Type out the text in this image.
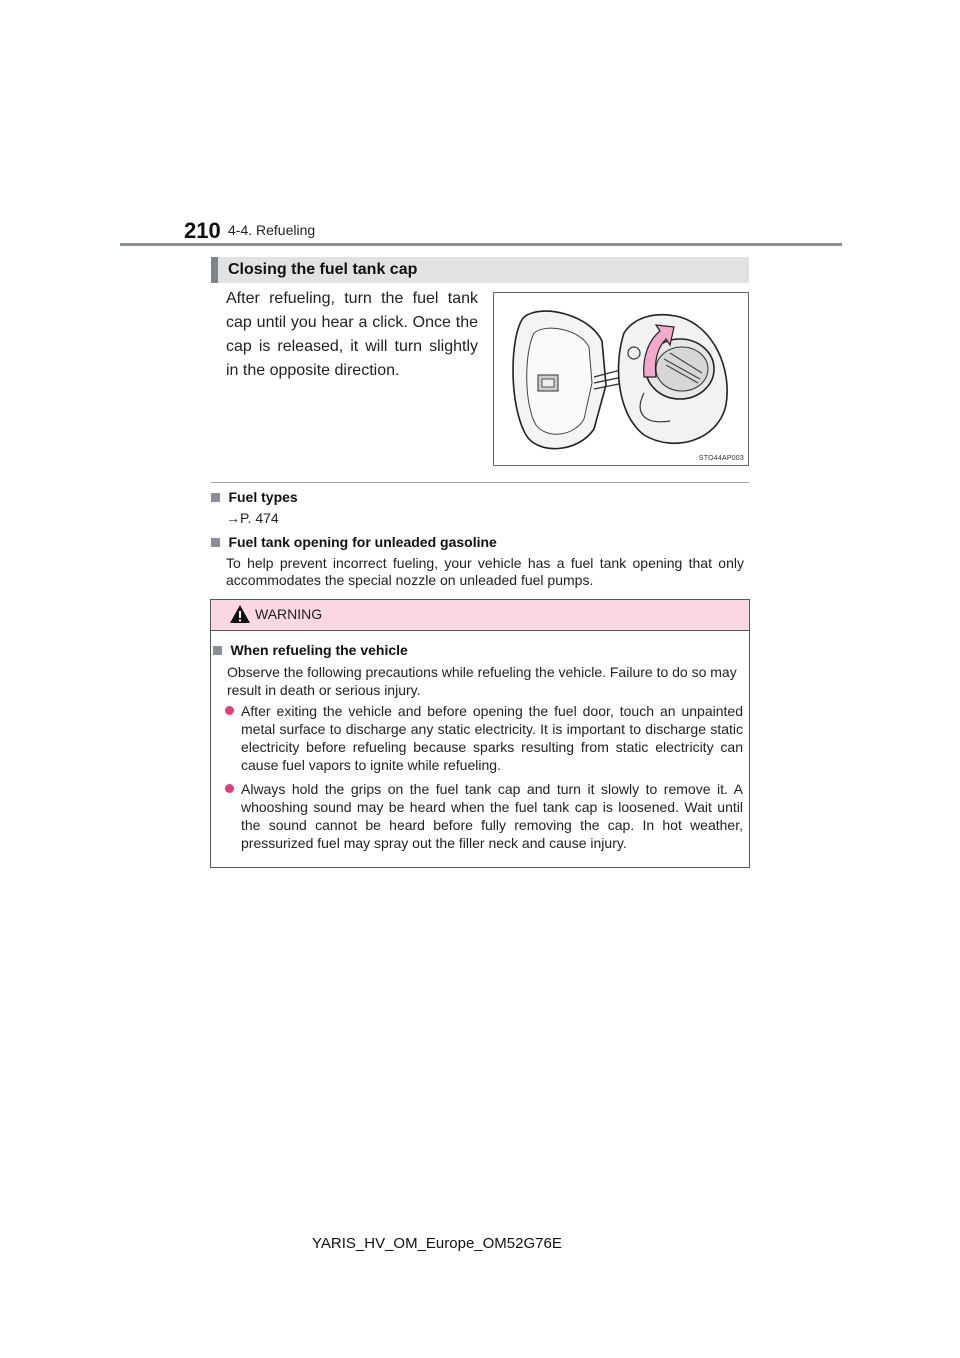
210 4-4. Refueling
Closing the fuel tank cap
After refueling, turn the fuel tank cap until you hear a click. Once the cap is released, it will turn slightly in the opposite direction.
STO44AP003
Fuel types
→P. 474
Fuel tank opening for unleaded gasoline
To help prevent incorrect fueling, your vehicle has a fuel tank opening that only accommodates the special nozzle on unleaded fuel pumps.
WARNING
When refueling the vehicle
Observe the following precautions while refueling the vehicle. Failure to do so may result in death or serious injury.
After exiting the vehicle and before opening the fuel door, touch an unpainted metal surface to discharge any static electricity. It is important to discharge static electricity before refueling because sparks resulting from static electricity can cause fuel vapors to ignite while refueling.
Always hold the grips on the fuel tank cap and turn it slowly to remove it. A whooshing sound may be heard when the fuel tank cap is loosened. Wait until the sound cannot be heard before fully removing the cap. In hot weather, pressurized fuel may spray out the filler neck and cause injury.
YARIS_HV_OM_Europe_OM52G76E
